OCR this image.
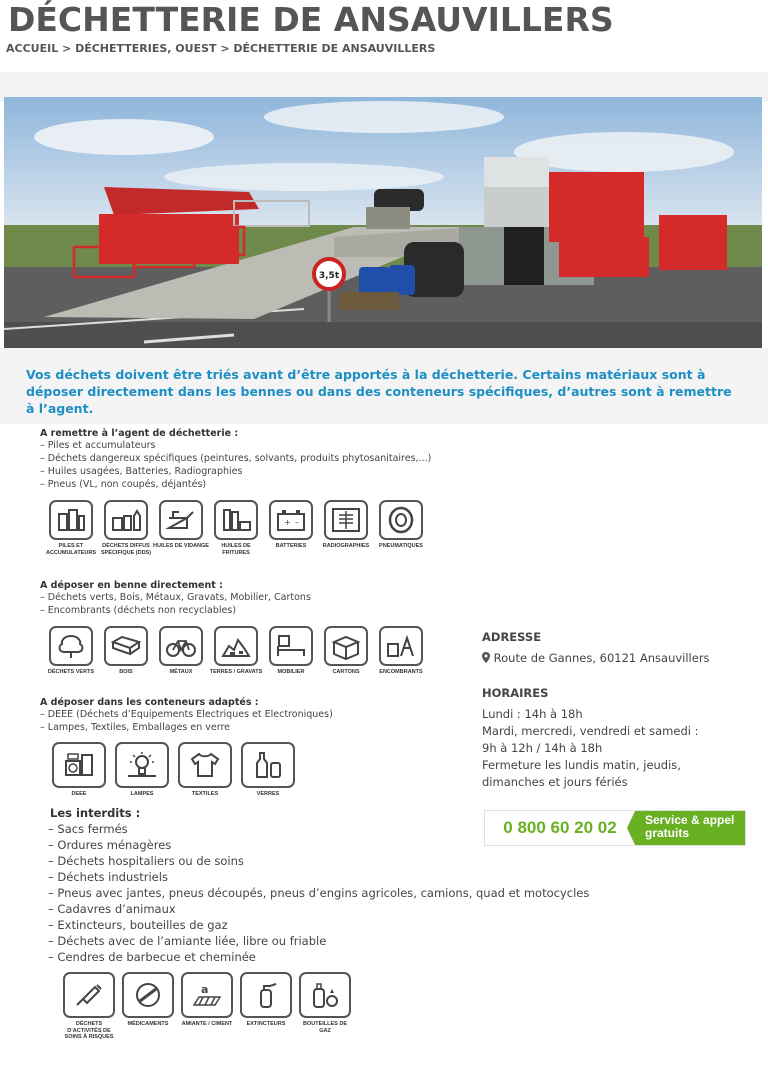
DÉCHETTERIE DE ANSAUVILLERS
ACCUEIL > DÉCHETTERIES, OUEST > DÉCHETTERIE DE ANSAUVILLERS
3,5t
Vos déchets doivent être triés avant d’être apportés à la déchetterie. Certains matériaux sont à déposer directement dans les bennes ou dans des conteneurs spécifiques, d’autres sont à remettre à l’agent.
A remettre à l’agent de déchetterie :
– Piles et accumulateurs
– Déchets dangereux spécifiques (peintures, solvants, produits phytosanitaires,...)
– Huiles usagées, Batteries, Radiographies
– Pneus (VL, non coupés, déjantés)
PILES ET ACCUMULATEURS
DÉCHETS DIFFUS SPÉCIFIQUE (DDS)
HUILES DE VIDANGE	HUILES DE FRITURES
+ –
BATTERIES	RADIOGRAPHIES	PNEUMATIQUES
A déposer en benne directement :
– Déchets verts, Bois, Métaux, Gravats, Mobilier, Cartons
– Encombrants (déchets non recyclables)
DÉCHETS VERTS	BOIS	MÉTAUX	TERRES / GRAVATS	MOBILIER	CARTONS	ENCOMBRANTS
A déposer dans les conteneurs adaptés :
– DEEE (Déchets d’Equipements Electriques et Electroniques)
– Lampes, Textiles, Emballages en verre
DEEE	LAMPES	TEXTILES	VERRES
Les interdits :
– Sacs fermés
– Ordures ménagères
– Déchets hospitaliers ou de soins
– Déchets industriels
– Pneus avec jantes, pneus découpés, pneus d’engins agricoles, camions, quad et motocycles
– Cadavres d’animaux
– Extincteurs, bouteilles de gaz
– Déchets avec de l’amiante liée, libre ou friable
– Cendres de barbecue et cheminée
DÉCHETS D’ACTIVITÉS DE SOINS À RISQUES
MÉDICAMENTS
a
AMIANTE / CIMENT	EXTINCTEURS	BOUTEILLES DE GAZ
ADRESSE
Route de Gannes, 60121 Ansauvillers
HORAIRES
Lundi : 14h à 18h
Mardi, mercredi, vendredi et samedi :
9h à 12h / 14h à 18h
Fermeture les lundis matin, jeudis,
dimanches et jours fériés
0 800 60 20 02	Service & appel
gratuits
